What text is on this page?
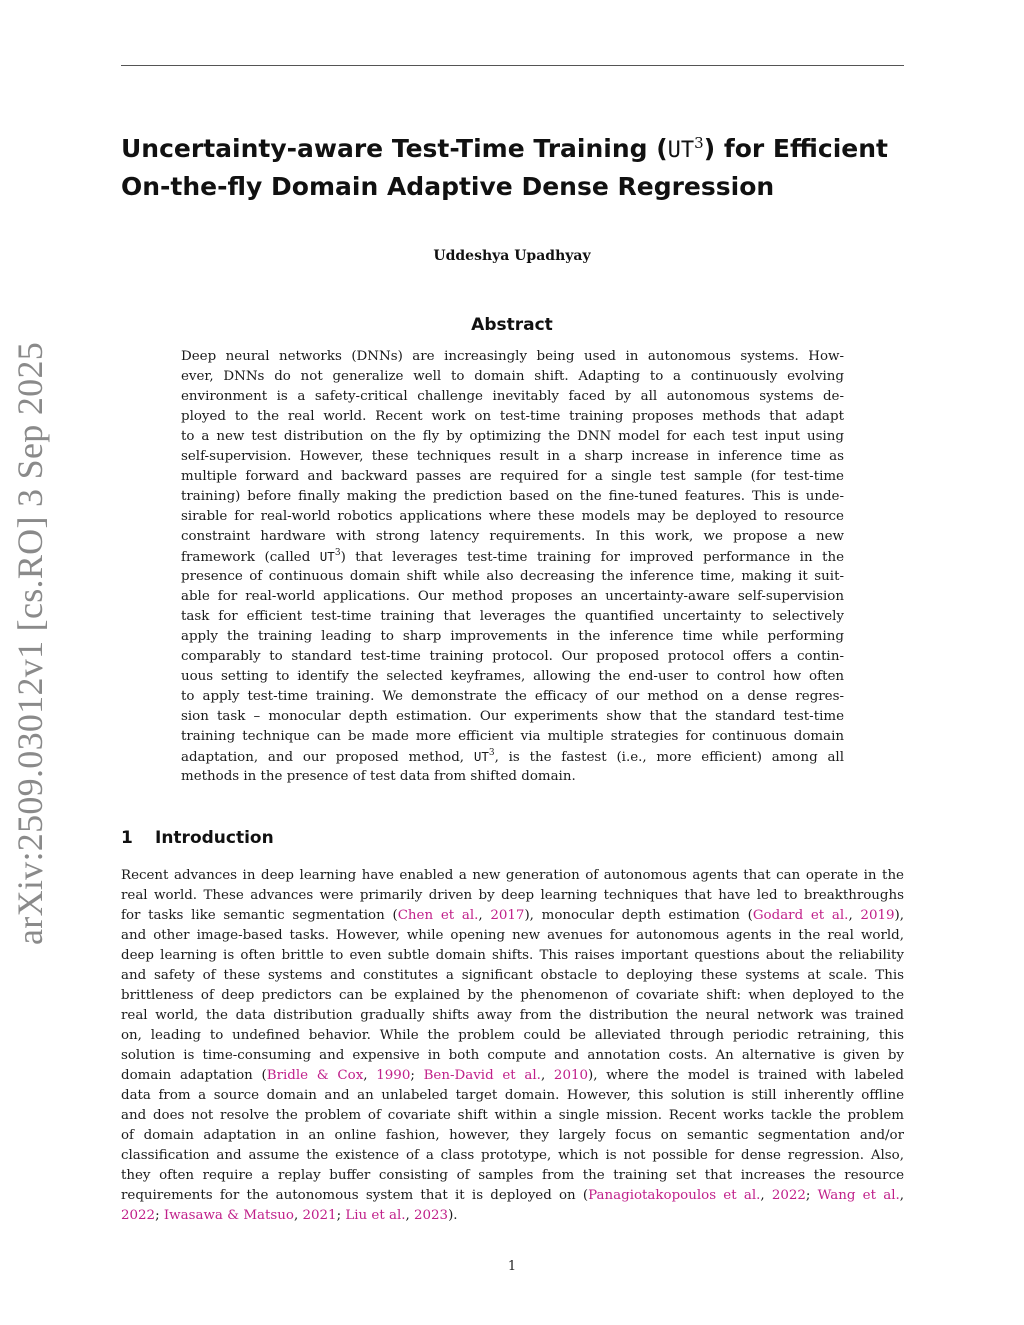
arXiv:2509.03012v1 [cs.RO] 3 Sep 2025
Uncertainty-aware Test-Time Training $(UT^3)$ for Efficient
On-the-fly Domain Adaptive Dense Regression
Uddeshya Upadhyay
Abstract
Deep neural networks (DNNs) are increasingly being used in autonomous systems. How-
ever, DNNs do not generalize well to domain shift. Adapting to a continuously evolving
environment is a safety-critical challenge inevitably faced by all autonomous systems de-
ployed to the real world. Recent work on test-time training proposes methods that adapt
to a new test distribution on the fly by optimizing the DNN model for each test input using
self-supervision. However, these techniques result in a sharp increase in inference time as
multiple forward and backward passes are required for a single test sample (for test-time
training) before finally making the prediction based on the fine-tuned features. This is unde-
sirable for real-world robotics applications where these models may be deployed to resource
constraint hardware with strong latency requirements. In this work, we propose a new
framework (called $UT^3$) that leverages test-time training for improved performance in the
presence of continuous domain shift while also decreasing the inference time, making it suit-
able for real-world applications. Our method proposes an uncertainty-aware self-supervision
task for efficient test-time training that leverages the quantified uncertainty to selectively
apply the training leading to sharp improvements in the inference time while performing
comparably to standard test-time training protocol. Our proposed protocol offers a contin-
uous setting to identify the selected keyframes, allowing the end-user to control how often
to apply test-time training. We demonstrate the efficacy of our method on a dense regres-
sion task – monocular depth estimation. Our experiments show that the standard test-time
training technique can be made more efficient via multiple strategies for continuous domain
adaptation, and our proposed method, $UT^3$, is the fastest (i.e., more efficient) among all
methods in the presence of test data from shifted domain.
1 Introduction
Recent advances in deep learning have enabled a new generation of autonomous agents that can operate in the
real world. These advances were primarily driven by deep learning techniques that have led to breakthroughs
for tasks like semantic segmentation (Chen et al., 2017), monocular depth estimation (Godard et al., 2019),
and other image-based tasks. However, while opening new avenues for autonomous agents in the real world,
deep learning is often brittle to even subtle domain shifts. This raises important questions about the reliability
and safety of these systems and constitutes a significant obstacle to deploying these systems at scale. This
brittleness of deep predictors can be explained by the phenomenon of covariate shift: when deployed to the
real world, the data distribution gradually shifts away from the distribution the neural network was trained
on, leading to undefined behavior. While the problem could be alleviated through periodic retraining, this
solution is time-consuming and expensive in both compute and annotation costs. An alternative is given by
domain adaptation (Bridle & Cox, 1990; Ben-David et al., 2010), where the model is trained with labeled
data from a source domain and an unlabeled target domain. However, this solution is still inherently offline
and does not resolve the problem of covariate shift within a single mission. Recent works tackle the problem
of domain adaptation in an online fashion, however, they largely focus on semantic segmentation and/or
classification and assume the existence of a class prototype, which is not possible for dense regression. Also,
they often require a replay buffer consisting of samples from the training set that increases the resource
requirements for the autonomous system that it is deployed on (Panagiotakopoulos et al., 2022; Wang et al.,
2022; Iwasawa & Matsuo, 2021; Liu et al., 2023).
1
